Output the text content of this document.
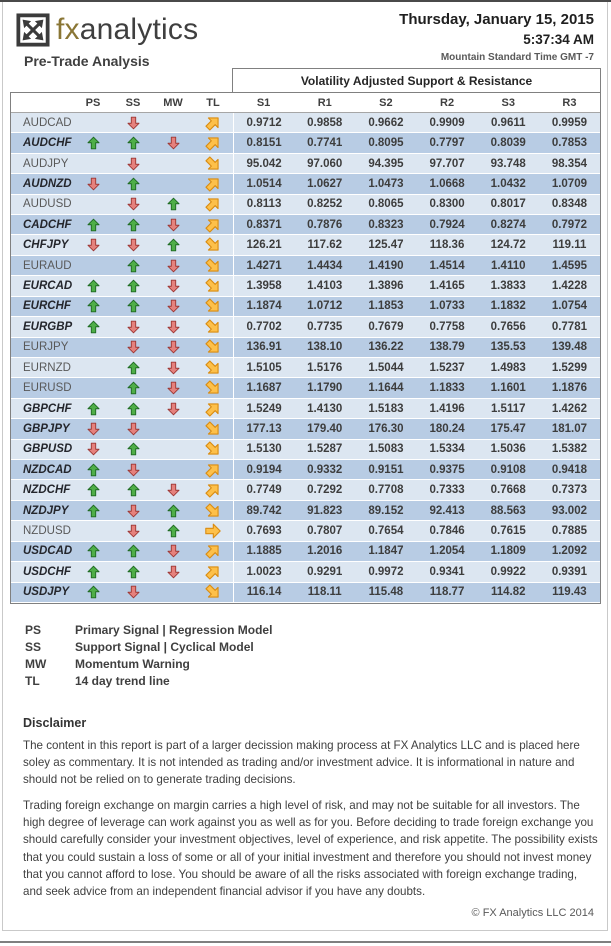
fxanalytics
Pre-Trade Analysis
Thursday, January 15, 2015
5:37:34 AM
Mountain Standard Time GMT -7
Volatility Adjusted Support & Resistance
PS	SS	MW	TL	S1	R1	S2	R2	S3	R3
AUDCAD	0.9712	0.9858	0.9662	0.9909	0.9611	0.9959
AUDCHF	0.8151	0.7741	0.8095	0.7797	0.8039	0.7853
AUDJPY	95.042	97.060	94.395	97.707	93.748	98.354
AUDNZD	1.0514	1.0627	1.0473	1.0668	1.0432	1.0709
AUDUSD	0.8113	0.8252	0.8065	0.8300	0.8017	0.8348
CADCHF	0.8371	0.7876	0.8323	0.7924	0.8274	0.7972
CHFJPY	126.21	117.62	125.47	118.36	124.72	119.11
EURAUD	1.4271	1.4434	1.4190	1.4514	1.4110	1.4595
EURCAD	1.3958	1.4103	1.3896	1.4165	1.3833	1.4228
EURCHF	1.1874	1.0712	1.1853	1.0733	1.1832	1.0754
EURGBP	0.7702	0.7735	0.7679	0.7758	0.7656	0.7781
EURJPY	136.91	138.10	136.22	138.79	135.53	139.48
EURNZD	1.5105	1.5176	1.5044	1.5237	1.4983	1.5299
EURUSD	1.1687	1.1790	1.1644	1.1833	1.1601	1.1876
GBPCHF	1.5249	1.4130	1.5183	1.4196	1.5117	1.4262
GBPJPY	177.13	179.40	176.30	180.24	175.47	181.07
GBPUSD	1.5130	1.5287	1.5083	1.5334	1.5036	1.5382
NZDCAD	0.9194	0.9332	0.9151	0.9375	0.9108	0.9418
NZDCHF	0.7749	0.7292	0.7708	0.7333	0.7668	0.7373
NZDJPY	89.742	91.823	89.152	92.413	88.563	93.002
NZDUSD	0.7693	0.7807	0.7654	0.7846	0.7615	0.7885
USDCAD	1.1885	1.2016	1.1847	1.2054	1.1809	1.2092
USDCHF	1.0023	0.9291	0.9972	0.9341	0.9922	0.9391
USDJPY	116.14	118.11	115.48	118.77	114.82	119.43
PS	Primary Signal | Regression Model
SS	Support Signal | Cyclical Model
MW	Momentum Warning
TL	14 day trend line
Disclaimer

The content in this report is part of a larger decission making process at FX Analytics LLC and is placed here soley as commentary. It is not intended as trading and/or investment advice. It is informational in nature and should not be relied on to generate trading decisions.

Trading foreign exchange on margin carries a high level of risk, and may not be suitable for all investors. The high degree of leverage can work against you as well as for you. Before deciding to trade foreign exchange you should carefully consider your investment objectives, level of experience, and risk appetite. The possibility exists that you could sustain a loss of some or all of your initial investment and therefore you should not invest money that you cannot afford to lose. You should be aware of all the risks associated with foreign exchange trading, and seek advice from an independent financial advisor if you have any doubts.

© FX Analytics LLC 2014
